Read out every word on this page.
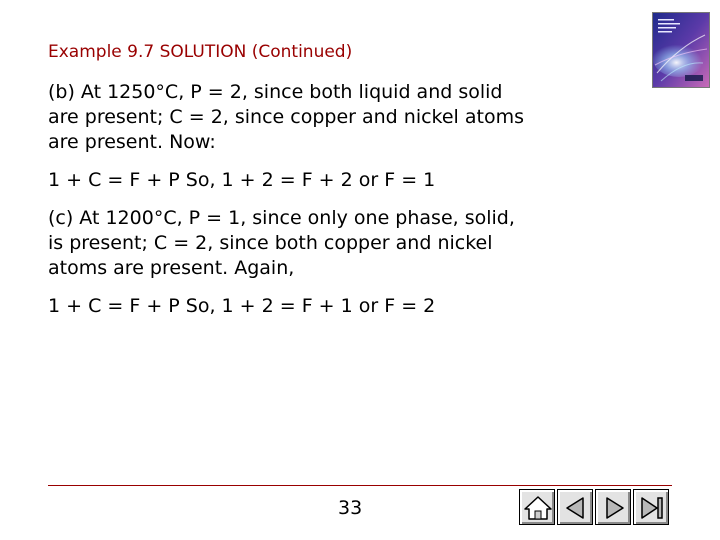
Example 9.7 SOLUTION (Continued)
(b) At 1250°C, P = 2, since both liquid and solid
are present; C = 2, since copper and nickel atoms
are present. Now:
1 + C = F + P So, 1 + 2 = F + 2 or F = 1
(c) At 1200°C, P = 1, since only one phase, solid,
is present; C = 2, since both copper and nickel
atoms are present. Again,
1 + C = F + P So, 1 + 2 = F + 1 or F = 2
33
